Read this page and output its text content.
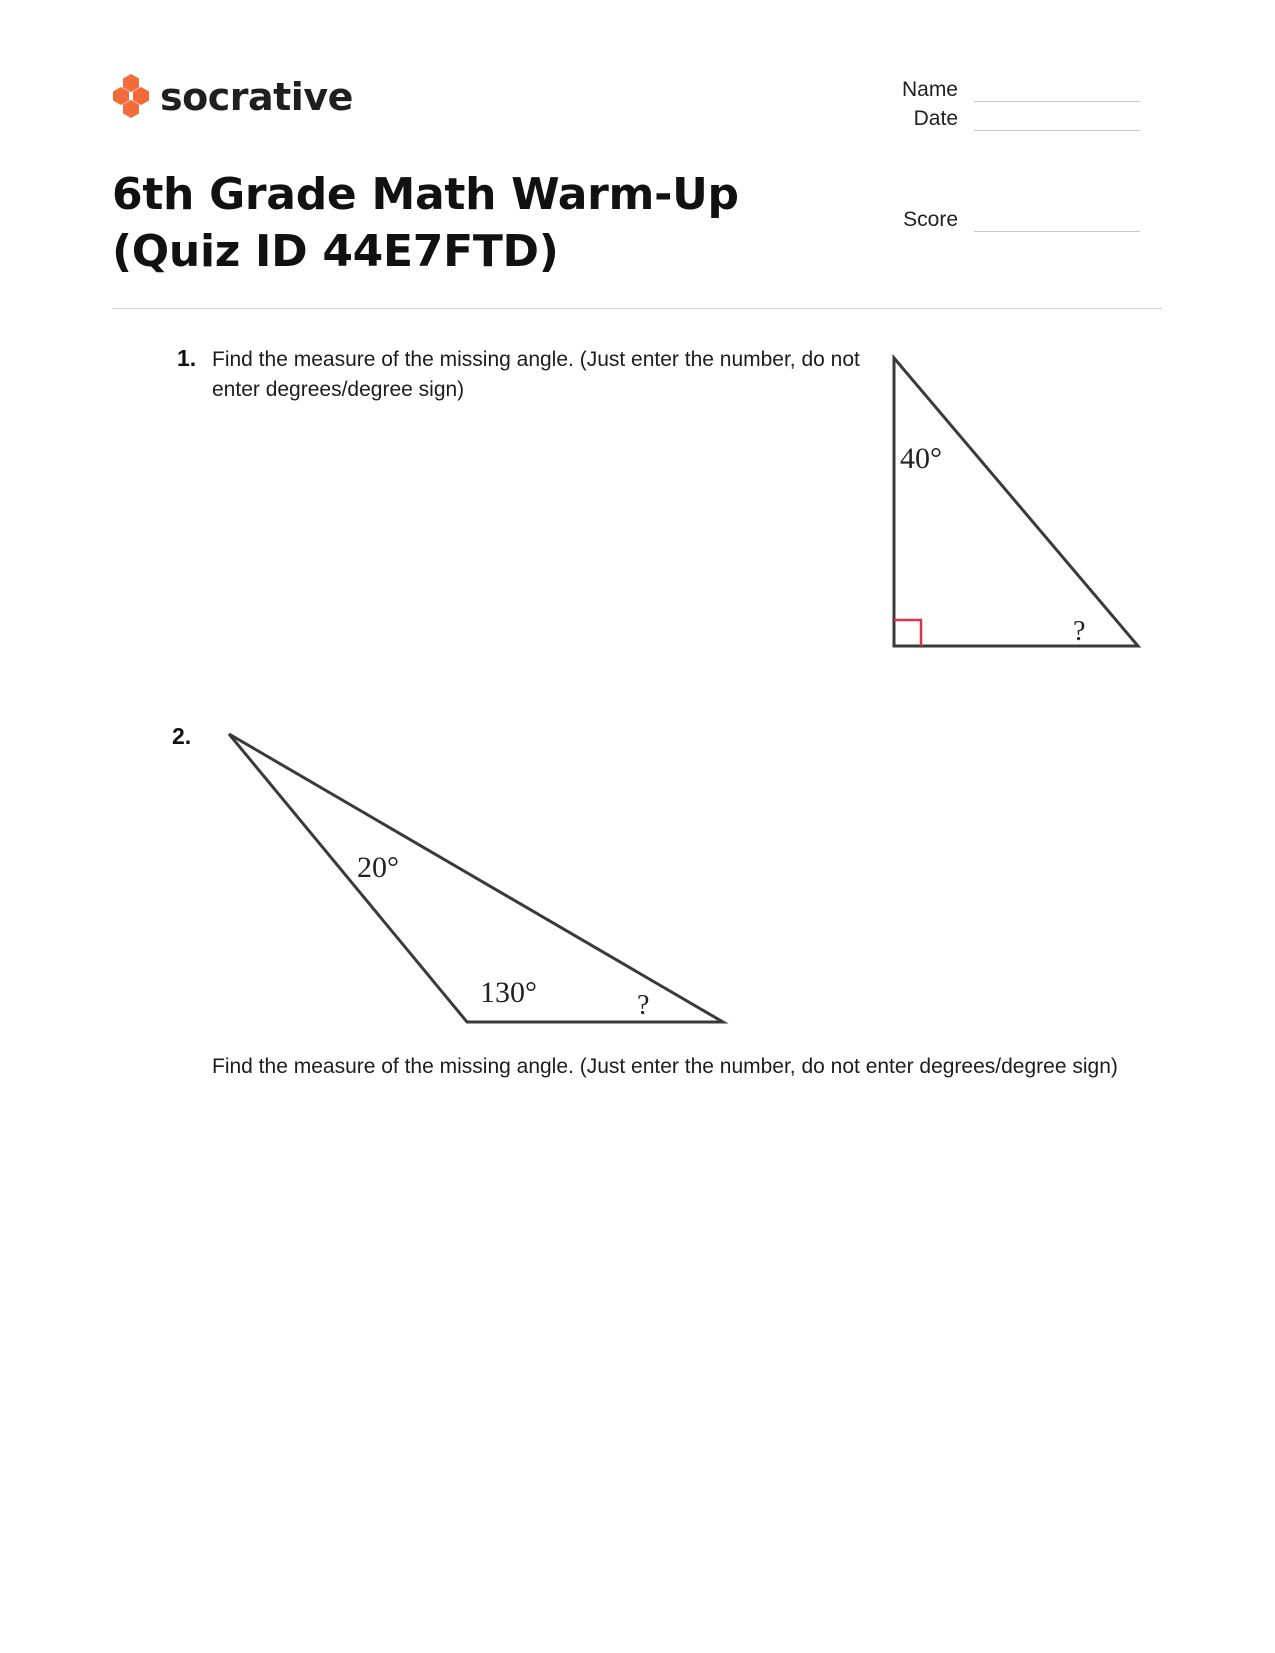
socrative	Name
Date
Score
6th Grade Math Warm-Up (Quiz ID 44E7FTD)
1. Find the measure of the missing angle. (Just enter the number, do not enter degrees/degree sign)
40°
?
2.
20°
130°	?
Find the measure of the missing angle. (Just enter the number, do not enter degrees/degree sign)
